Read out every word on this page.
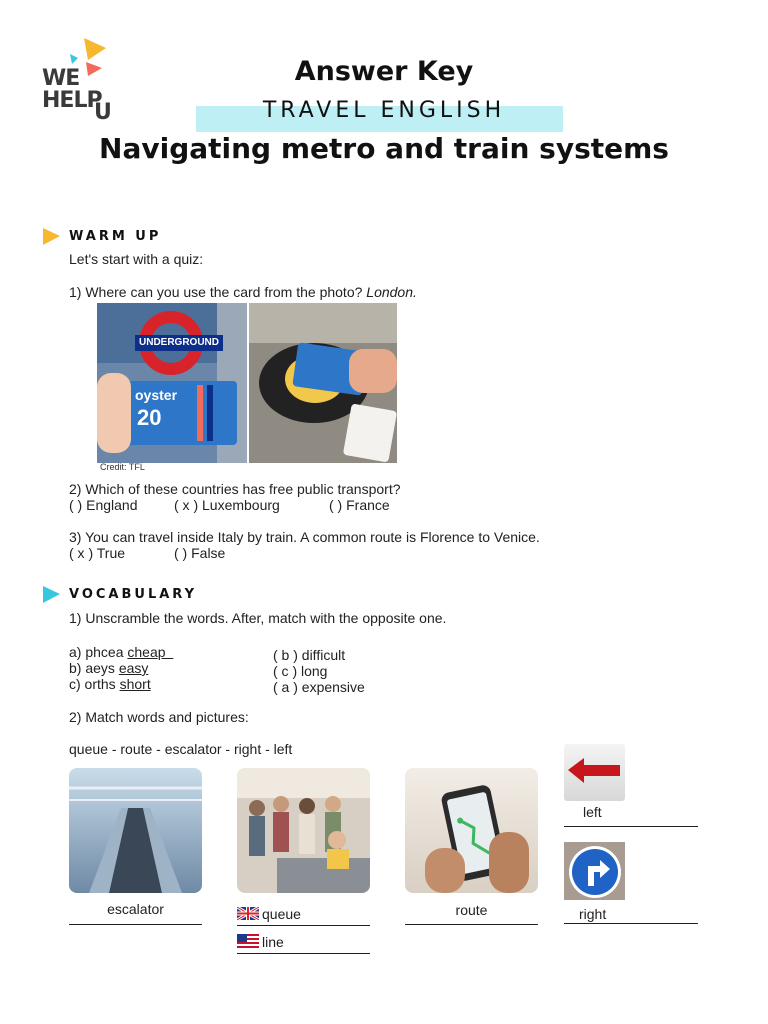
WE
HELP
U
Answer Key
TRAVEL ENGLISH
Navigating metro and train systems
WARM UP
Let's start with a quiz:
1) Where can you use the card from the photo? London.
UNDERGROUND
oyster
20
Credit: TFL
2) Which of these countries has free public transport?
( ) England	( x ) Luxembourg	( ) France
3) You can travel inside Italy by train. A common route is Florence to Venice.
( x ) True	( ) False
VOCABULARY
1) Unscramble the words. After, match with the opposite one.
a) phcea cheap
b) aeys easy
c) orths short
( b ) difficult
( c ) long
( a ) expensive
2) Match words and pictures:
queue - route - escalator - right - left
escalator	queue
line
route
left
right
